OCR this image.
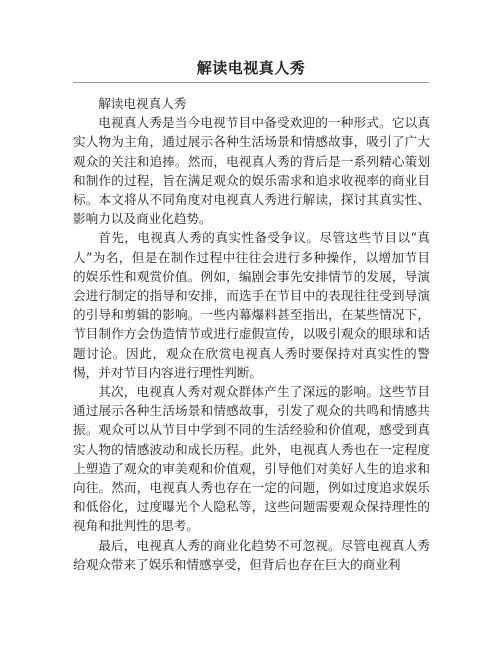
解读电视真人秀

解读电视真人秀

电视真人秀是当今电视节目中备受欢迎的一种形式。它以真实人物为主角，通过展示各种生活场景和情感故事，吸引了广大观众的关注和追捧。然而，电视真人秀的背后是一系列精心策划和制作的过程，旨在满足观众的娱乐需求和追求收视率的商业目标。本文将从不同角度对电视真人秀进行解读，探讨其真实性、影响力以及商业化趋势。

首先，电视真人秀的真实性备受争议。尽管这些节目以“真人”为名，但是在制作过程中往往会进行多种操作，以增加节目的娱乐性和观赏价值。例如，编剧会事先安排情节的发展，导演会进行制定的指导和安排，而选手在节目中的表现往往受到导演的引导和剪辑的影响。一些内幕爆料甚至指出，在某些情况下，节目制作方会伪造情节或进行虚假宣传，以吸引观众的眼球和话题讨论。因此，观众在欣赏电视真人秀时要保持对真实性的警惕，并对节目内容进行理性判断。

其次，电视真人秀对观众群体产生了深远的影响。这些节目通过展示各种生活场景和情感故事，引发了观众的共鸣和情感共振。观众可以从节目中学到不同的生活经验和价值观，感受到真实人物的情感波动和成长历程。此外，电视真人秀也在一定程度上塑造了观众的审美观和价值观，引导他们对美好人生的追求和向往。然而，电视真人秀也存在一定的问题，例如过度追求娱乐和低俗化，过度曝光个人隐私等，这些问题需要观众保持理性的视角和批判性的思考。

最后，电视真人秀的商业化趋势不可忽视。尽管电视真人秀给观众带来了娱乐和情感享受，但背后也存在巨大的商业利
